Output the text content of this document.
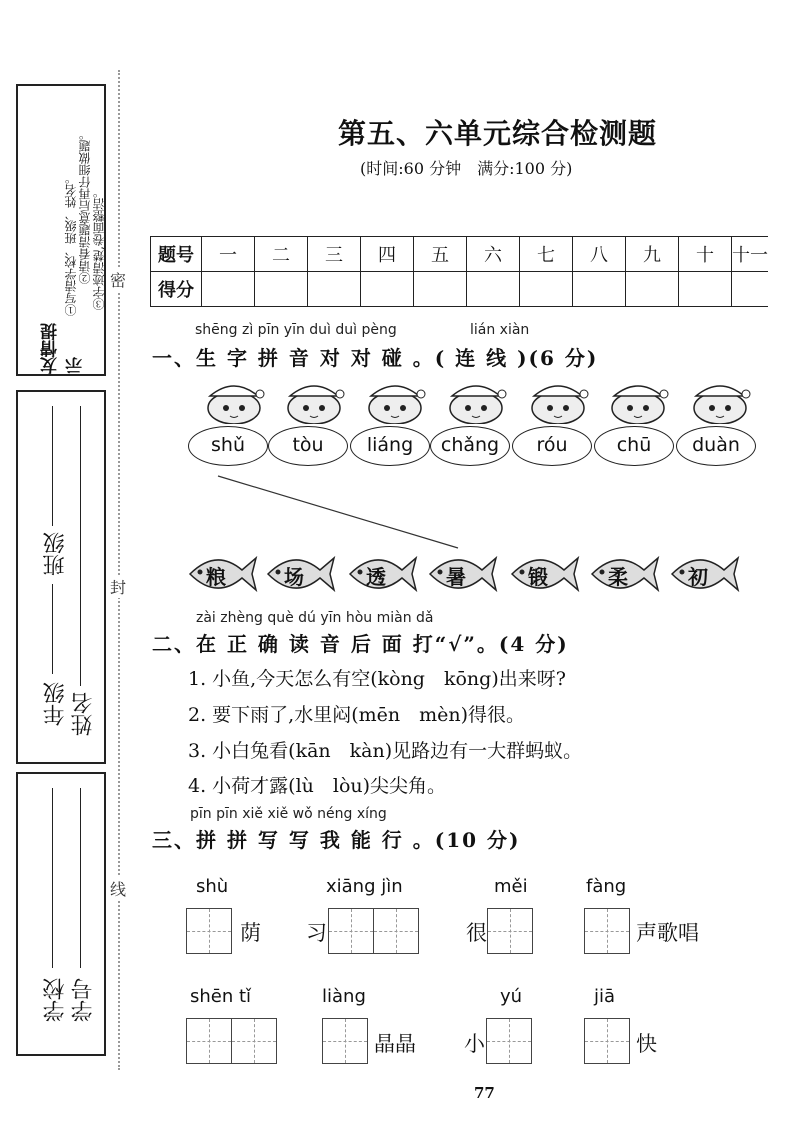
友情提示
①写清学校、班级、姓名。 ②请看清题意后再仔细做题。 ③字迹清楚,卷面整洁。
班级
年级 姓名
学校 学号
密
封
线
第五、六单元综合检测题
(时间:60 分钟　满分:100 分)
题号	一	二	三	四	五	六	七	八	九	十	十一
得分											
shēng zì pīn yīn duì duì pèng	lián xiàn
一、生 字 拼 音 对 对 碰 。( 连 线 )(6 分)
shǔ	tòu	liáng	chǎng	róu	chū	duàn
粮	场	透	暑	锻	柔	初
zài zhèng què dú yīn hòu miàn dǎ
二、在 正 确 读 音 后 面 打“√”。(4 分)
1. 小鱼,今天怎么有空(kòng　kōng)出来呀?
2. 要下雨了,水里闷(mēn　mèn)得很。
3. 小白兔看(kān　kàn)见路边有一大群蚂蚁。
4. 小荷才露(lù　lòu)尖尖角。
pīn pīn xiě xiě wǒ néng xíng
三、拼 拼 写 写 我 能 行 。(10 分)
shù	xiāng jìn	měi	fàng
荫 习	很	声歌唱
shēn tǐ	liàng	yú	jiā
晶晶 小	快
77
